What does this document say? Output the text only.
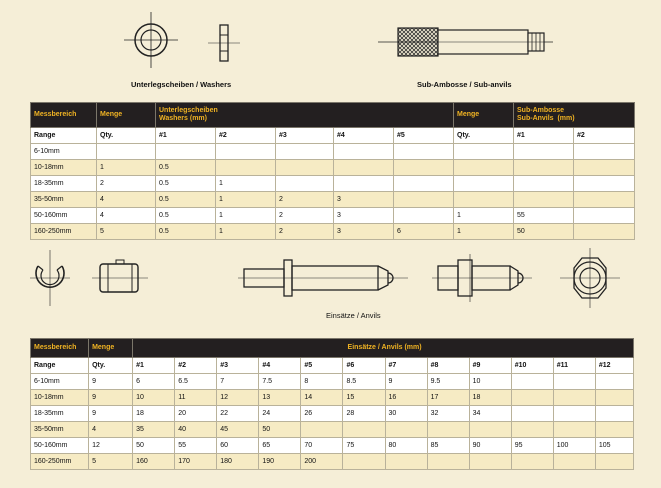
Unterlegscheiben / Washers	Sub-Ambosse / Sub-anvils
Messbereich	Menge	Unterlegscheiben
Washers (mm)					Menge	Sub-Ambosse
Sub-Anvils  (mm)	
Range	Qty.	#1	#2	#3	#4	#5	Qty.	#1	#2
6-10mm									
10-18mm	1	0.5							
18-35mm	2	0.5	1						
35-50mm	4	0.5	1	2	3				
50-160mm	4	0.5	1	2	3		1	55	
160-250mm	5	0.5	1	2	3	6	1	50	
Einsätze / Anvils
Messbereich	Menge	Einsätze / Anvils (mm)											
Range	Qty.	#1	#2	#3	#4	#5	#6	#7	#8	#9	#10	#11	#12
6-10mm	9	6	6.5	7	7.5	8	8.5	9	9.5	10			
10-18mm	9	10	11	12	13	14	15	16	17	18			
18-35mm	9	18	20	22	24	26	28	30	32	34			
35-50mm	4	35	40	45	50								
50-160mm	12	50	55	60	65	70	75	80	85	90	95	100	105
160-250mm	5	160	170	180	190	200							
